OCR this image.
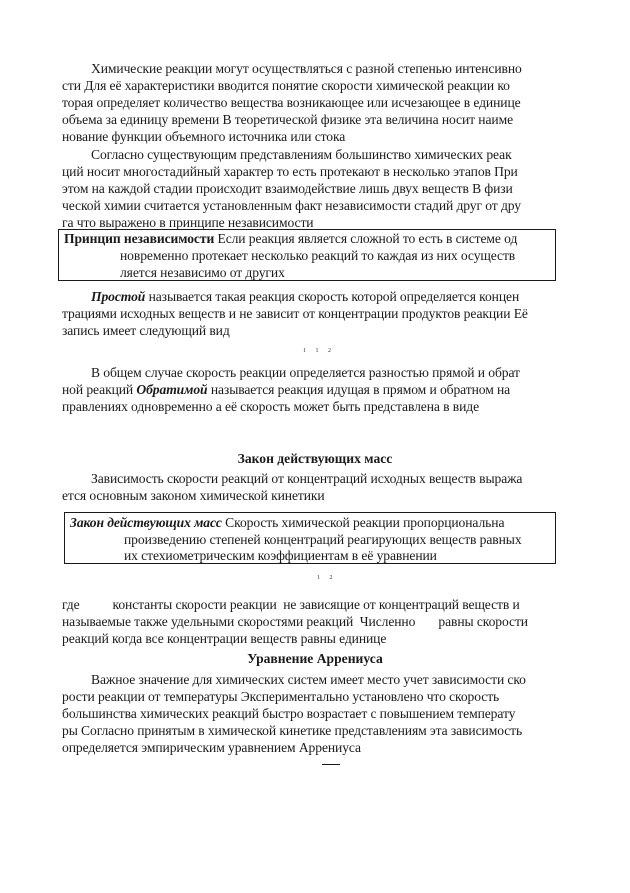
Химические реакции могут осуществляться с разной степенью интенсивно
сти Для её характеристики вводится понятие скорости химической реакции ко
торая определяет количество вещества возникающее или исчезающее в единице
объема за единицу времени В теоретической физике эта величина носит наиме
нование функции объемного источника или стока
Согласно существующим представлениям большинство химических реак
ций носит многостадийный характер то есть протекают в несколько этапов При
этом на каждой стадии происходит взаимодействие лишь двух веществ В физи
ческой химии считается установленным факт независимости стадий друг от дру
га что выражено в принципе независимости
Принцип независимости Если реакция является сложной то есть в системе од
новременно протекает несколько реакций то каждая из них осуществ
ляется независимо от других
Простой называется такая реакция скорость которой определяется концен
трациями исходных веществ и не зависит от концентрации продуктов реакции Её
запись имеет следующий вид
1 1 2
В общем случае скорость реакции определяется разностью прямой и обрат
ной реакций Обратимой называется реакция идущая в прямом и обратном на
правлениях одновременно а её скорость может быть представлена в виде
Закон действующих масс
Зависимость скорости реакций от концентраций исходных веществ выража
ется основным законом химической кинетики
Закон действующих масс Скорость химической реакции пропорциональна
произведению степеней концентраций реагирующих веществ равных
их стехиометрическим коэффициентам в её уравнении
1 2
где          константы скорости реакции  не зависящие от концентраций веществ и
называемые также удельными скоростями реакций  Численно       равны скорости
реакций когда все концентрации веществ равны единице
Уравнение Аррениуса
Важное значение для химических систем имеет место учет зависимости ско
рости реакции от температуры Экспериментально установлено что скорость
большинства химических реакций быстро возрастает с повышением температу
ры Согласно принятым в химической кинетике представлениям эта зависимость
определяется эмпирическим уравнением Аррениуса
